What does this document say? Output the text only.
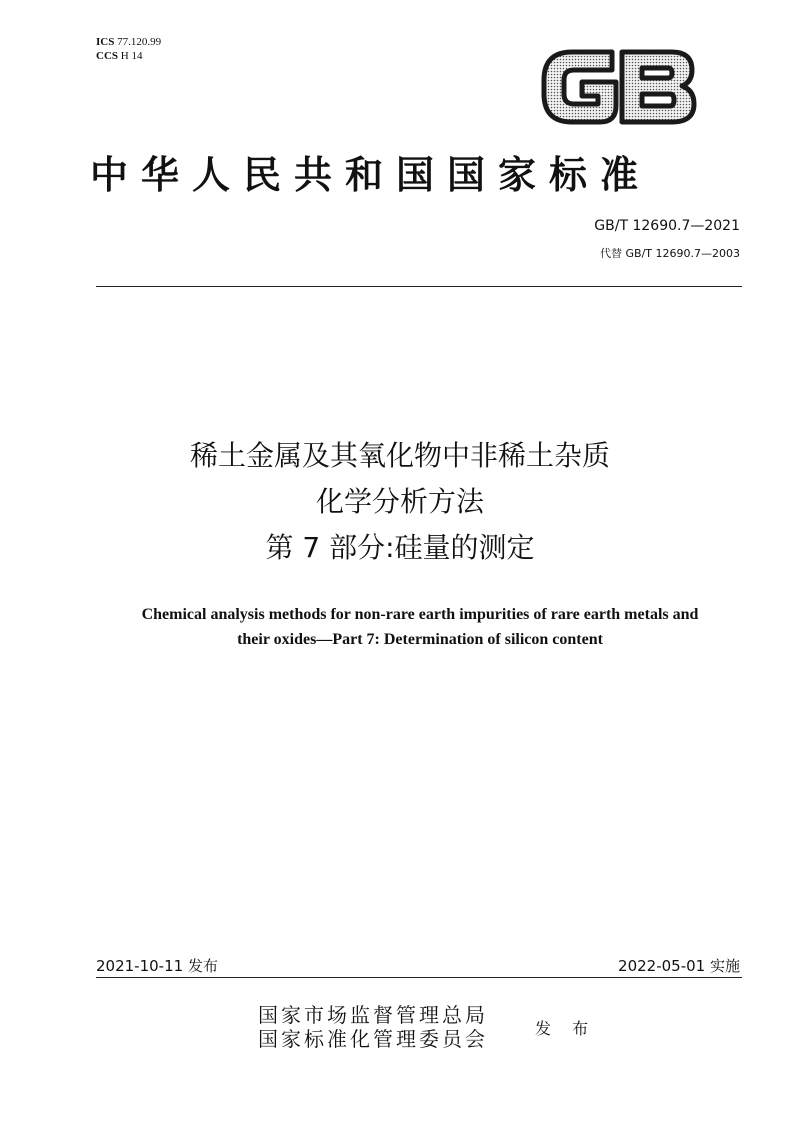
ICS 77.120.99
CCS H 14
中华人民共和国国家标准
GB/T 12690.7—2021
代替 GB/T 12690.7—2003
稀土金属及其氧化物中非稀土杂质
化学分析方法
第 7 部分:硅量的测定
Chemical analysis methods for non-rare earth impurities of rare earth metals and
their oxides—Part 7: Determination of silicon content
2021-10-11 发布	2022-05-01 实施
国家市场监督管理总局
国家标准化管理委员会	发 布
